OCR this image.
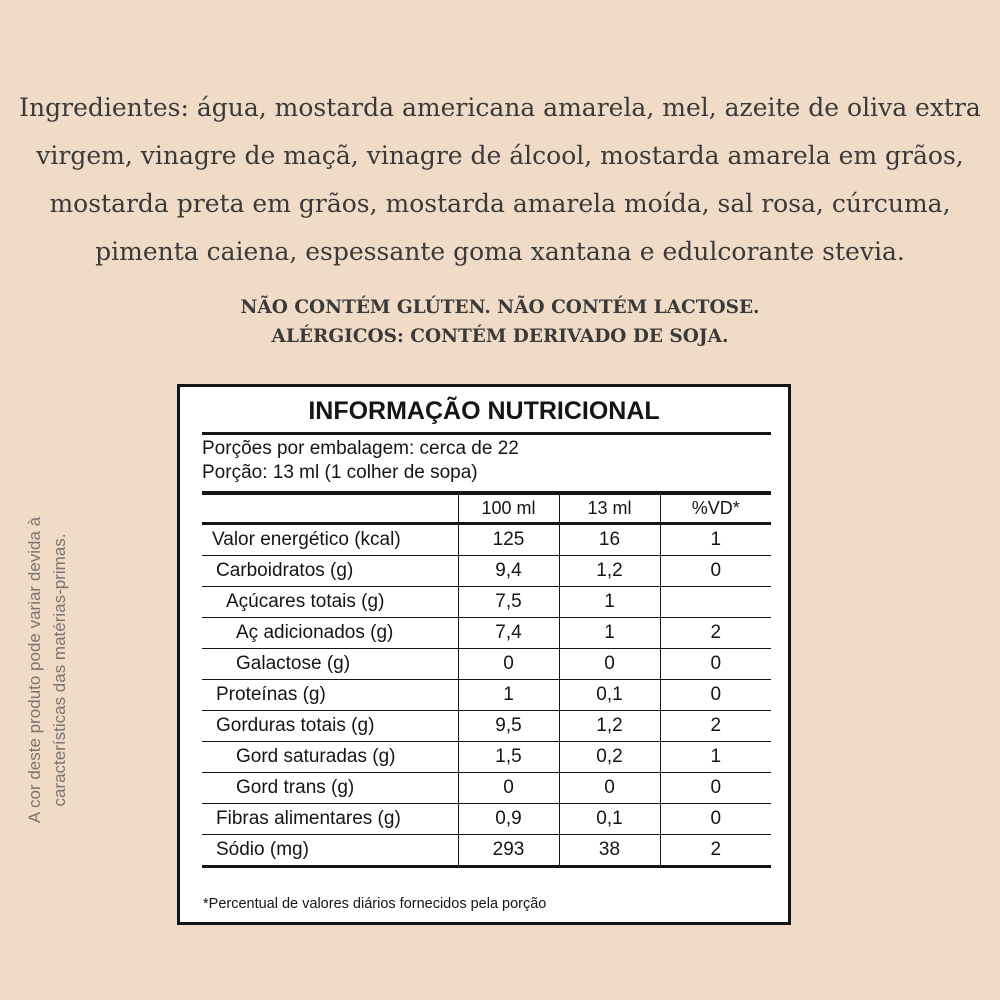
Ingredientes: água, mostarda americana amarela, mel, azeite de oliva extra
virgem, vinagre de maçã, vinagre de álcool, mostarda amarela em grãos,
mostarda preta em grãos, mostarda amarela moída, sal rosa, cúrcuma,
pimenta caiena, espessante goma xantana e edulcorante stevia.
NÃO CONTÉM GLÚTEN. NÃO CONTÉM LACTOSE.
ALÉRGICOS: CONTÉM DERIVADO DE SOJA.
A cor deste produto pode variar devida à características das matérias-primas.
INFORMAÇÃO NUTRICIONAL
Porções por embalagem: cerca de 22
Porção: 13 ml (1 colher de sopa)
	100 ml	13 ml	%VD*
Valor energético (kcal)	125	16	1
Carboidratos (g)	9,4	1,2	0
Açúcares totais (g)	7,5	1	
Aç adicionados (g)	7,4	1	2
Galactose (g)	0	0	0
Proteínas (g)	1	0,1	0
Gorduras totais (g)	9,5	1,2	2
Gord saturadas (g)	1,5	0,2	1
Gord trans (g)	0	0	0
Fibras alimentares (g)	0,9	0,1	0
Sódio (mg)	293	38	2
*Percentual de valores diários fornecidos pela porção
